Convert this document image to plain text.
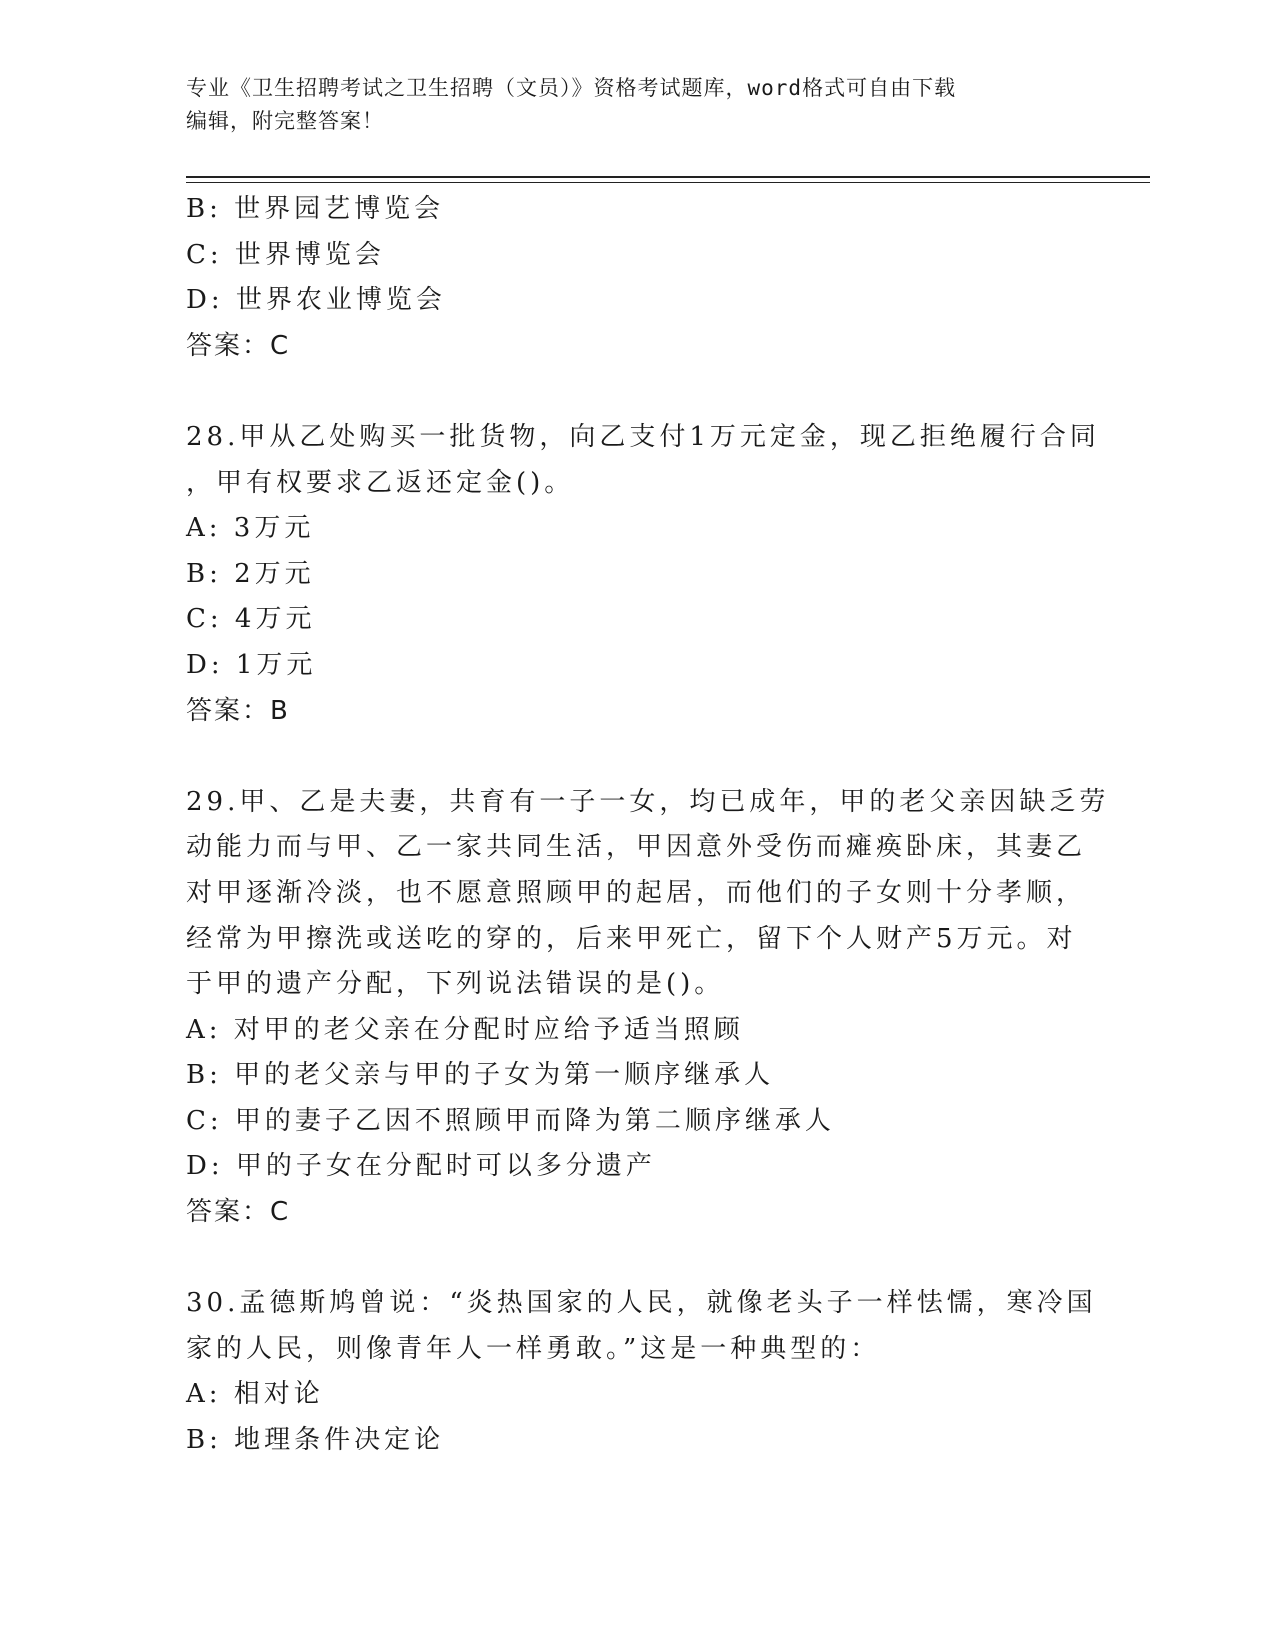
专业《卫生招聘考试之卫生招聘（文员）》资格考试题库，word格式可自由下载
编辑，附完整答案！
B: 世界园艺博览会
C: 世界博览会
D: 世界农业博览会
答案：C
28.甲从乙处购买一批货物，向乙支付1万元定金，现乙拒绝履行合同
，甲有权要求乙返还定金()。
A: 3万元
B: 2万元
C: 4万元
D: 1万元
答案：B
29.甲、乙是夫妻，共育有一子一女，均已成年，甲的老父亲因缺乏劳
动能力而与甲、乙一家共同生活，甲因意外受伤而瘫痪卧床，其妻乙
对甲逐渐冷淡，也不愿意照顾甲的起居，而他们的子女则十分孝顺，
经常为甲擦洗或送吃的穿的，后来甲死亡，留下个人财产5万元。对
于甲的遗产分配，下列说法错误的是()。
A: 对甲的老父亲在分配时应给予适当照顾
B: 甲的老父亲与甲的子女为第一顺序继承人
C: 甲的妻子乙因不照顾甲而降为第二顺序继承人
D: 甲的子女在分配时可以多分遗产
答案：C
30.孟德斯鸠曾说：“炎热国家的人民，就像老头子一样怯懦，寒冷国
家的人民，则像青年人一样勇敢。”这是一种典型的：
A: 相对论
B: 地理条件决定论
